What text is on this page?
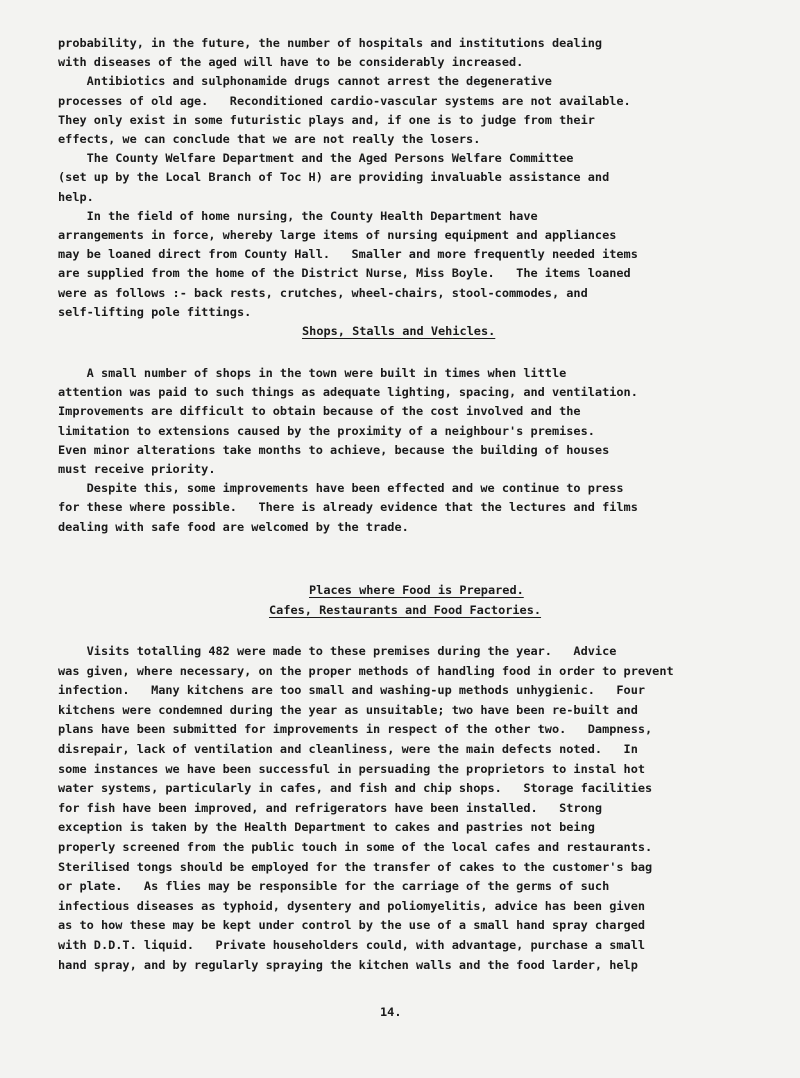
probability, in the future, the number of hospitals and institutions dealing
with diseases of the aged will have to be considerably increased.
Antibiotics and sulphonamide drugs cannot arrest the degenerative
processes of old age.   Reconditioned cardio-vascular systems are not available.
They only exist in some futuristic plays and, if one is to judge from their
effects, we can conclude that we are not really the losers.
The County Welfare Department and the Aged Persons Welfare Committee
(set up by the Local Branch of Toc H) are providing invaluable assistance and
help.
In the field of home nursing, the County Health Department have
arrangements in force, whereby large items of nursing equipment and appliances
may be loaned direct from County Hall.   Smaller and more frequently needed items
are supplied from the home of the District Nurse, Miss Boyle.   The items loaned
were as follows :- back rests, crutches, wheel-chairs, stool-commodes, and
self-lifting pole fittings.
Shops, Stalls and Vehicles.
A small number of shops in the town were built in times when little
attention was paid to such things as adequate lighting, spacing, and ventilation.
Improvements are difficult to obtain because of the cost involved and the
limitation to extensions caused by the proximity of a neighbour's premises.
Even minor alterations take months to achieve, because the building of houses
must receive priority.
Despite this, some improvements have been effected and we continue to press
for these where possible.   There is already evidence that the lectures and films
dealing with safe food are welcomed by the trade.
Places where Food is Prepared.
Cafes, Restaurants and Food Factories.
Visits totalling 482 were made to these premises during the year.   Advice
was given, where necessary, on the proper methods of handling food in order to prevent
infection.   Many kitchens are too small and washing-up methods unhygienic.   Four
kitchens were condemned during the year as unsuitable; two have been re-built and
plans have been submitted for improvements in respect of the other two.   Dampness,
disrepair, lack of ventilation and cleanliness, were the main defects noted.   In
some instances we have been successful in persuading the proprietors to instal hot
water systems, particularly in cafes, and fish and chip shops.   Storage facilities
for fish have been improved, and refrigerators have been installed.   Strong
exception is taken by the Health Department to cakes and pastries not being
properly screened from the public touch in some of the local cafes and restaurants.
Sterilised tongs should be employed for the transfer of cakes to the customer's bag
or plate.   As flies may be responsible for the carriage of the germs of such
infectious diseases as typhoid, dysentery and poliomyelitis, advice has been given
as to how these may be kept under control by the use of a small hand spray charged
with D.D.T. liquid.   Private householders could, with advantage, purchase a small
hand spray, and by regularly spraying the kitchen walls and the food larder, help
14.
